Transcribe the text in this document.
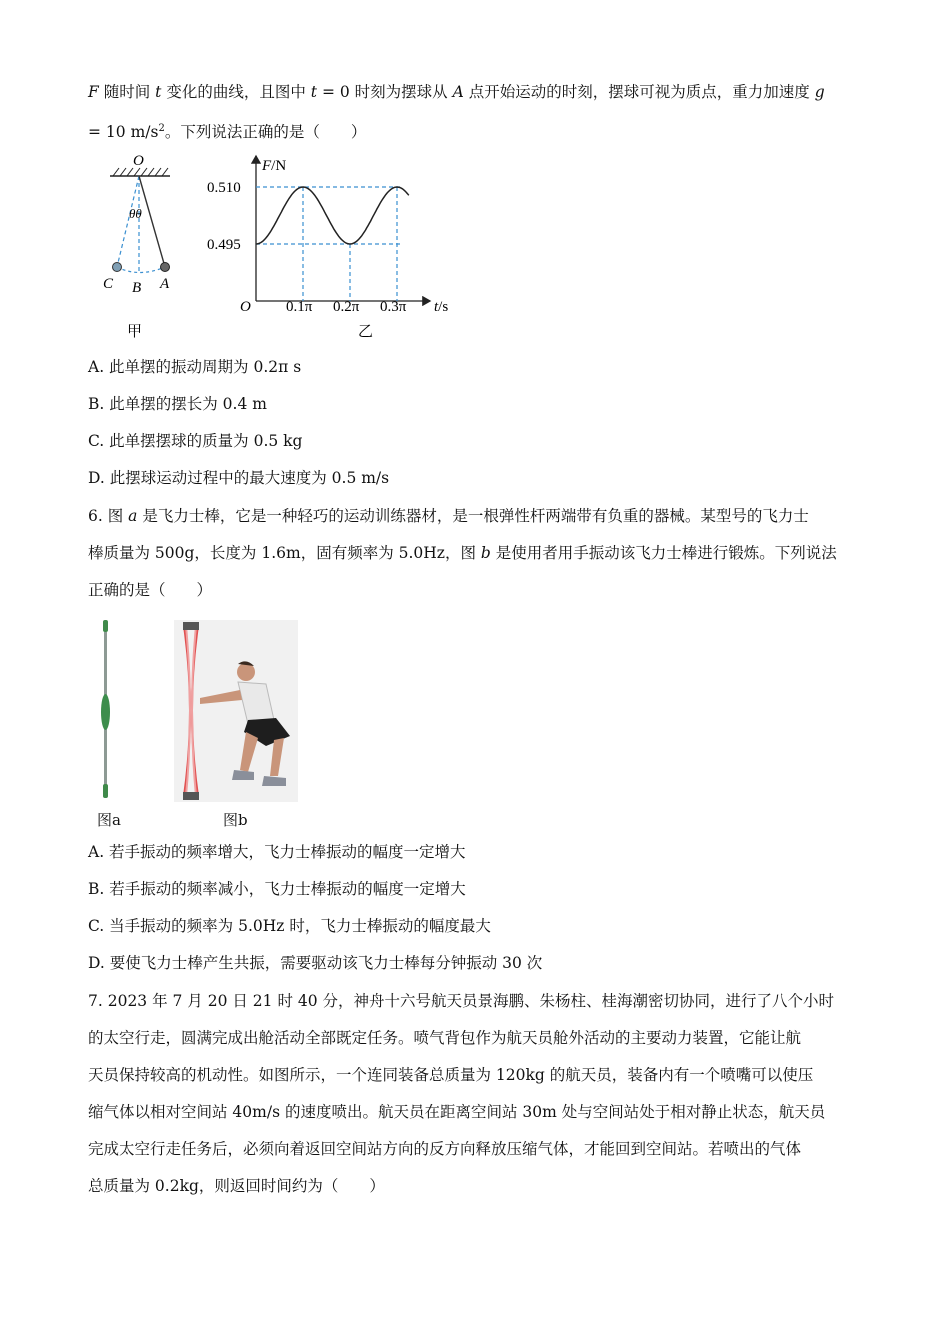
F 随时间 t 变化的曲线，且图中 t = 0 时刻为摆球从 A 点开始运动的时刻，摆球可视为质点，重力加速度 g
= 10 $m/s^2$。下列说法正确的是（　　）
O
θθ
C B A
甲
F/N
O	t/s
0.510
0.495
0.1π 0.2π 0.3π
乙
A. 此单摆的振动周期为 0.2π s
B. 此单摆的摆长为 0.4 m
C. 此单摆摆球的质量为 0.5 kg
D. 此摆球运动过程中的最大速度为 0.5 m/s
6. 图 a 是飞力士棒，它是一种轻巧的运动训练器材，是一根弹性杆两端带有负重的器械。某型号的飞力士
棒质量为 500g，长度为 1.6m，固有频率为 5.0Hz，图 b 是使用者用手振动该飞力士棒进行锻炼。下列说法
正确的是（　　）
图a	图b
A. 若手振动的频率增大，飞力士棒振动的幅度一定增大
B. 若手振动的频率减小，飞力士棒振动的幅度一定增大
C. 当手振动的频率为 5.0Hz 时，飞力士棒振动的幅度最大
D. 要使飞力士棒产生共振，需要驱动该飞力士棒每分钟振动 30 次
7. 2023 年 7 月 20 日 21 时 40 分，神舟十六号航天员景海鹏、朱杨柱、桂海潮密切协同，进行了八个小时
的太空行走，圆满完成出舱活动全部既定任务。喷气背包作为航天员舱外活动的主要动力装置，它能让航
天员保持较高的机动性。如图所示，一个连同装备总质量为 120kg 的航天员，装备内有一个喷嘴可以使压
缩气体以相对空间站 40m/s 的速度喷出。航天员在距离空间站 30m 处与空间站处于相对静止状态，航天员
完成太空行走任务后，必须向着返回空间站方向的反方向释放压缩气体，才能回到空间站。若喷出的气体
总质量为 0.2kg，则返回时间约为（　　）
